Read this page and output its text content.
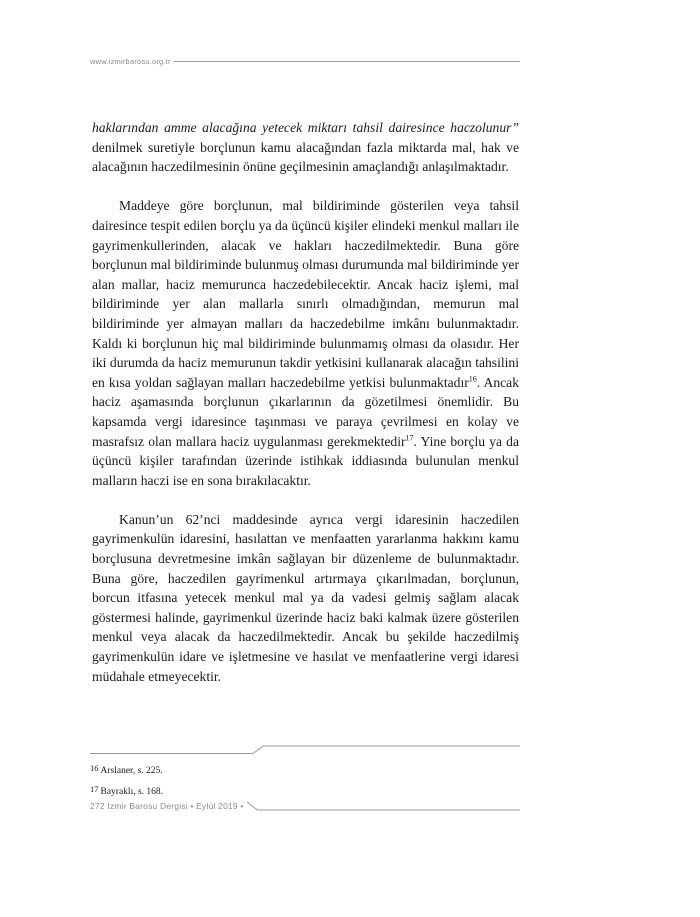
www.izmirbarosu.org.tr

haklarından amme alacağına yetecek miktarı tahsil dairesince haczolunur” denilmek suretiyle borçlunun kamu alacağından fazla miktarda mal, hak ve alacağının haczedilmesinin önüne geçilmesinin amaçlandığı anlaşılmaktadır.

Maddeye göre borçlunun, mal bildiriminde gösterilen veya tahsil dairesince tespit edilen borçlu ya da üçüncü kişiler elindeki menkul malları ile gayrimenkullerinden, alacak ve hakları haczedilmektedir. Buna göre borçlunun mal bildiriminde bulunmuş olması durumunda mal bildiriminde yer alan mallar, haciz memurunca haczedebilecektir. Ancak haciz işlemi, mal bildiriminde yer alan mallarla sınırlı olmadığından, memurun mal bildiriminde yer almayan malları da haczedebilme imkânı bulunmaktadır. Kaldı ki borçlunun hiç mal bildiriminde bulunmamış olması da olasıdır. Her iki durumda da haciz memurunun takdir yetkisini kullanarak alacağın tahsilini en kısa yoldan sağlayan malları haczedebilme yetkisi bulunmaktadır$^{16}$. Ancak haciz aşamasında borçlunun çıkarlarının da gözetilmesi önemlidir. Bu kapsamda vergi idaresince taşınması ve paraya çevrilmesi en kolay ve masrafsız olan mallara haciz uygulanması gerekmektedir$^{17}$. Yine borçlu ya da üçüncü kişiler tarafından üzerinde istihkak iddiasında bulunulan menkul malların haczi ise en sona bırakılacaktır.

Kanun’un 62’nci maddesinde ayrıca vergi idaresinin haczedilen gayrimenkulün idaresini, hasılattan ve menfaatten yararlanma hakkını kamu borçlusuna devretmesine imkân sağlayan bir düzenleme de bulunmaktadır. Buna göre, haczedilen gayrimenkul artırmaya çıkarılmadan, borçlunun, borcun itfasına yetecek menkul mal ya da vadesi gelmiş sağlam alacak göstermesi halinde, gayrimenkul üzerinde haciz baki kalmak üzere gösterilen menkul veya alacak da haczedilmektedir. Ancak bu şekilde haczedilmiş gayrimenkulün idare ve işletmesine ve hasılat ve menfaatlerine vergi idaresi müdahale etmeyecektir.

16 Arslaner, s. 225.
17 Bayraklı, s. 168.
272 İzmir Barosu Dergisi • Eylül 2019 •
